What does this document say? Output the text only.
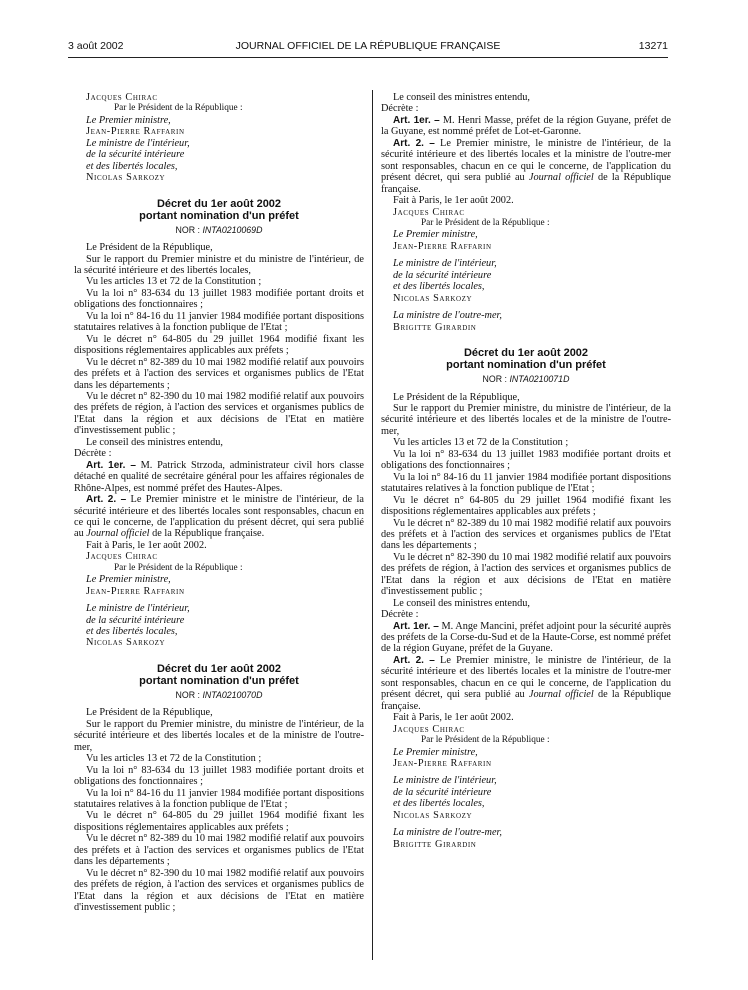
3 août 2002	JOURNAL OFFICIEL DE LA RÉPUBLIQUE FRANÇAISE	13271

Jacques Chirac

Par le Président de la République :

Le Premier ministre,

Jean-Pierre Raffarin

Le ministre de l'intérieur,

de la sécurité intérieure

et des libertés locales,

Nicolas Sarkozy

Décret du 1er août 2002
portant nomination d'un préfet
NOR : INTA0210069D

Le Président de la République,

Sur le rapport du Premier ministre et du ministre de l'intérieur, de la sécurité intérieure et des libertés locales,

Vu les articles 13 et 72 de la Constitution ;

Vu la loi n° 83-634 du 13 juillet 1983 modifiée portant droits et obligations des fonctionnaires ;

Vu la loi n° 84-16 du 11 janvier 1984 modifiée portant dispositions statutaires relatives à la fonction publique de l'Etat ;

Vu le décret n° 64-805 du 29 juillet 1964 modifié fixant les dispositions réglementaires applicables aux préfets ;

Vu le décret n° 82-389 du 10 mai 1982 modifié relatif aux pouvoirs des préfets et à l'action des services et organismes publics de l'Etat dans les départements ;

Vu le décret n° 82-390 du 10 mai 1982 modifié relatif aux pouvoirs des préfets de région, à l'action des services et organismes publics de l'Etat dans la région et aux décisions de l'Etat en matière d'investissement public ;

Le conseil des ministres entendu,

Décrète :

Art. 1er. – M. Patrick Strzoda, administrateur civil hors classe détaché en qualité de secrétaire général pour les affaires régionales de Rhône-Alpes, est nommé préfet des Hautes-Alpes.

Art. 2. – Le Premier ministre et le ministre de l'intérieur, de la sécurité intérieure et des libertés locales sont responsables, chacun en ce qui le concerne, de l'application du présent décret, qui sera publié au Journal officiel de la République française.

Fait à Paris, le 1er août 2002.

Jacques Chirac

Par le Président de la République :

Le Premier ministre,

Jean-Pierre Raffarin

Le ministre de l'intérieur,

de la sécurité intérieure

et des libertés locales,

Nicolas Sarkozy

Décret du 1er août 2002
portant nomination d'un préfet
NOR : INTA0210070D

Le Président de la République,

Sur le rapport du Premier ministre, du ministre de l'intérieur, de la sécurité intérieure et des libertés locales et de la ministre de l'outre-mer,

Vu les articles 13 et 72 de la Constitution ;

Vu la loi n° 83-634 du 13 juillet 1983 modifiée portant droits et obligations des fonctionnaires ;

Vu la loi n° 84-16 du 11 janvier 1984 modifiée portant dispositions statutaires relatives à la fonction publique de l'Etat ;

Vu le décret n° 64-805 du 29 juillet 1964 modifié fixant les dispositions réglementaires applicables aux préfets ;

Vu le décret n° 82-389 du 10 mai 1982 modifié relatif aux pouvoirs des préfets et à l'action des services et organismes publics de l'Etat dans les départements ;

Vu le décret n° 82-390 du 10 mai 1982 modifié relatif aux pouvoirs des préfets de région, à l'action des services et organismes publics de l'Etat dans la région et aux décisions de l'Etat en matière d'investissement public ;

Le conseil des ministres entendu,

Décrète :

Art. 1er. – M. Henri Masse, préfet de la région Guyane, préfet de la Guyane, est nommé préfet de Lot-et-Garonne.

Art. 2. – Le Premier ministre, le ministre de l'intérieur, de la sécurité intérieure et des libertés locales et la ministre de l'outre-mer sont responsables, chacun en ce qui le concerne, de l'application du présent décret, qui sera publié au Journal officiel de la République française.

Fait à Paris, le 1er août 2002.

Jacques Chirac

Par le Président de la République :

Le Premier ministre,

Jean-Pierre Raffarin

Le ministre de l'intérieur,

de la sécurité intérieure

et des libertés locales,

Nicolas Sarkozy

La ministre de l'outre-mer,

Brigitte Girardin

Décret du 1er août 2002
portant nomination d'un préfet
NOR : INTA0210071D

Le Président de la République,

Sur le rapport du Premier ministre, du ministre de l'intérieur, de la sécurité intérieure et des libertés locales et de la ministre de l'outre-mer,

Vu les articles 13 et 72 de la Constitution ;

Vu la loi n° 83-634 du 13 juillet 1983 modifiée portant droits et obligations des fonctionnaires ;

Vu la loi n° 84-16 du 11 janvier 1984 modifiée portant dispositions statutaires relatives à la fonction publique de l'Etat ;

Vu le décret n° 64-805 du 29 juillet 1964 modifié fixant les dispositions réglementaires applicables aux préfets ;

Vu le décret n° 82-389 du 10 mai 1982 modifié relatif aux pouvoirs des préfets et à l'action des services et organismes publics de l'Etat dans les départements ;

Vu le décret n° 82-390 du 10 mai 1982 modifié relatif aux pouvoirs des préfets de région, à l'action des services et organismes publics de l'Etat dans la région et aux décisions de l'Etat en matière d'investissement public ;

Le conseil des ministres entendu,

Décrète :

Art. 1er. – M. Ange Mancini, préfet adjoint pour la sécurité auprès des préfets de la Corse-du-Sud et de la Haute-Corse, est nommé préfet de la région Guyane, préfet de la Guyane.

Art. 2. – Le Premier ministre, le ministre de l'intérieur, de la sécurité intérieure et des libertés locales et la ministre de l'outre-mer sont responsables, chacun en ce qui le concerne, de l'application du présent décret, qui sera publié au Journal officiel de la République française.

Fait à Paris, le 1er août 2002.

Jacques Chirac

Par le Président de la République :

Le Premier ministre,

Jean-Pierre Raffarin

Le ministre de l'intérieur,

de la sécurité intérieure

et des libertés locales,

Nicolas Sarkozy

La ministre de l'outre-mer,

Brigitte Girardin
